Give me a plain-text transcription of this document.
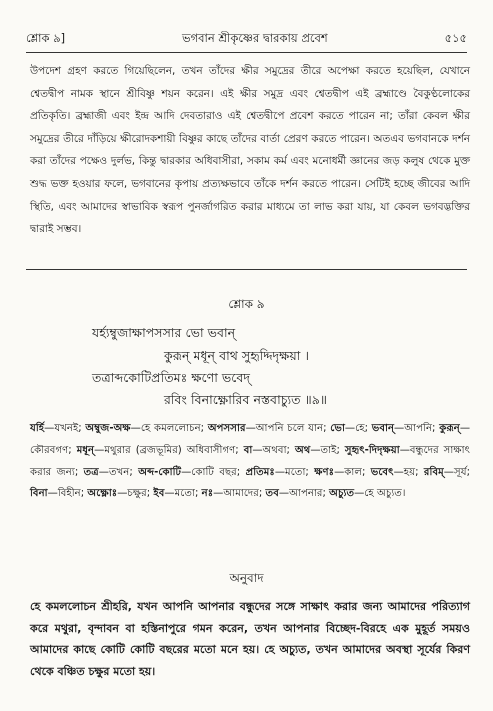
শ্লোক ৯]	ভগবান শ্রীকৃষ্ণের দ্বারকায় প্রবেশ	৫১৫

উপদেশ গ্রহণ করতে গিয়েছিলেন, তখন তাঁদের ক্ষীর সমুদ্রের তীরে অপেক্ষা করতে হয়েছিল, যেখানে শ্বেতদ্বীপ নামক স্থানে শ্রীবিষ্ণু শয়ন করেন। এই ক্ষীর সমুদ্র এবং শ্বেতদ্বীপ এই ব্রহ্মাণ্ডে বৈকুণ্ঠলোকের প্রতিকৃতি। ব্রহ্মাজী এবং ইন্দ্র আদি দেবতারাও এই শ্বেতদ্বীপে প্রবেশ করতে পারেন না; তাঁরা কেবল ক্ষীর সমুদ্রের তীরে দাঁড়িয়ে ক্ষীরোদকশায়ী বিষ্ণুর কাছে তাঁদের বার্তা প্রেরণ করতে পারেন। অতএব ভগবানকে দর্শন করা তাঁদের পক্ষেও দুর্লভ, কিন্তু দ্বারকার অধিবাসীরা, সকাম কর্ম এবং মনোধর্মী জ্ঞানের জড় কলুষ থেকে মুক্ত শুদ্ধ ভক্ত হওয়ার ফলে, ভগবানের কৃপায় প্রত্যক্ষভাবে তাঁকে দর্শন করতে পারেন। সেটিই হচ্ছে জীবের আদি স্থিতি, এবং আমাদের স্বাভাবিক স্বরূপ পুনর্জাগরিত করার মাধ্যমে তা লাভ করা যায়, যা কেবল ভগবদ্ভক্তির দ্বারাই সম্ভব।

শ্লোক ৯
যর্হ্যম্বুজাক্ষাপসসার ভো ভবান্
কুরূন্ মধূন্ বাথ সুহৃদ্দিদৃক্ষয়া ।
তত্রাব্দকোটিপ্রতিমঃ ক্ষণো ভবেদ্
রবিং বিনাক্ষ্ণোরিব নস্তবাচ্যুত ॥৯॥
যর্হি—যখনই; অম্বুজ-অক্ষ—হে কমললোচন; অপসসার—আপনি চলে যান; ভো—হে; ভবান্—আপনি; কুরূন্—কৌরবগণ; মধূন্—মথুরার (ব্রজভূমির) অধিবাসীগণ; বা—অথবা; অথ—তাই; সুহৃৎ-দিদৃক্ষয়া—বন্ধুদের সাক্ষাৎ করার জন্য; তত্র—তখন; অব্দ-কোটি—কোটি বছর; প্রতিমঃ—মতো; ক্ষণঃ—কাল; ভবেৎ—হয়; রবিম্—সূর্য; বিনা—বিহীন; অক্ষ্ণোঃ—চক্ষুর; ইব—মতো; নঃ—আমাদের; তব—আপনার; অচ্যুত—হে অচ্যুত।
অনুবাদ
হে কমললোচন শ্রীহরি, যখন আপনি আপনার বন্ধুদের সঙ্গে সাক্ষাৎ করার জন্য আমাদের পরিত্যাগ করে মথুরা, বৃন্দাবন বা হস্তিনাপুরে গমন করেন, তখন আপনার বিচ্ছেদ-বিরহে এক মুহূর্ত সময়ও আমাদের কাছে কোটি কোটি বছরের মতো মনে হয়। হে অচ্যুত, তখন আমাদের অবস্থা সূর্যের কিরণ থেকে বঞ্চিত চক্ষুর মতো হয়।
